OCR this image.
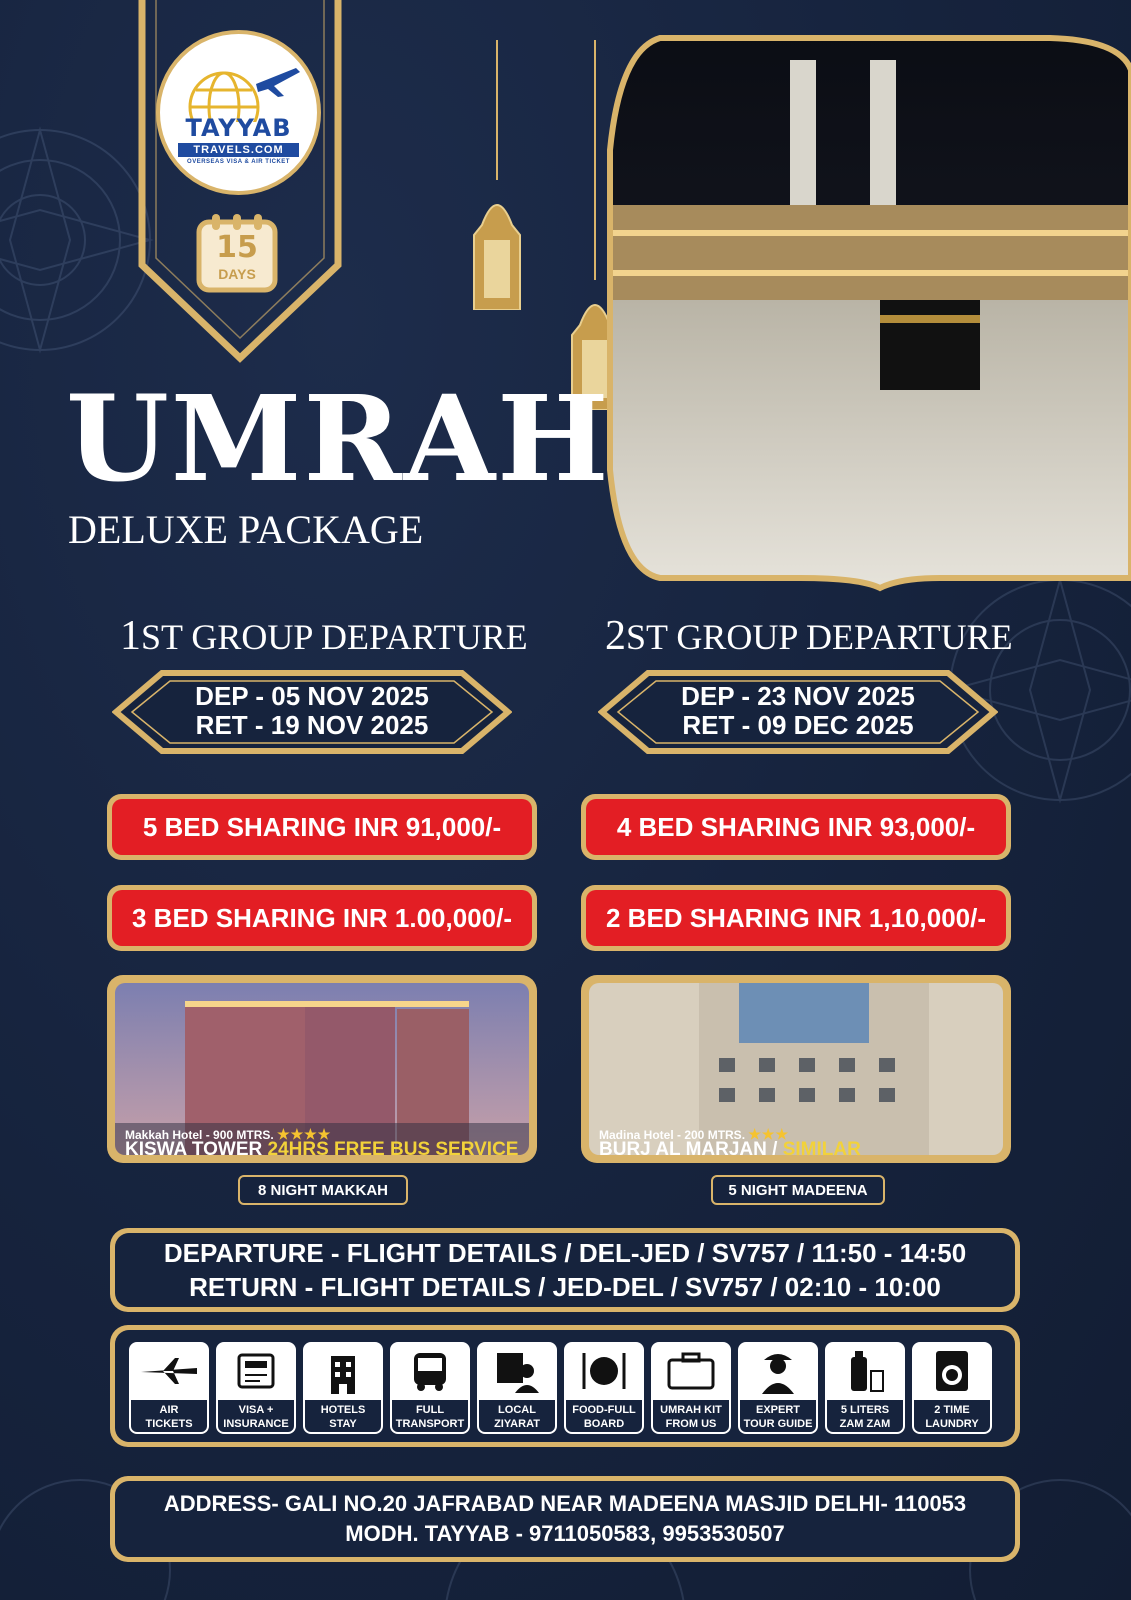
TAYYAB
TRAVELS.COM
OVERSEAS VISA & AIR TICKET
15
DAYS
UMRAH
DELUXE PACKAGE
1ST GROUP DEPARTURE 2ST GROUP DEPARTURE
DEP - 05 NOV 2025
RET - 19 NOV 2025
DEP - 23 NOV 2025
RET - 09 DEC 2025
5 BED SHARING INR 91,000/-
3 BED SHARING INR 1.00,000/-
4 BED SHARING INR 93,000/-
2 BED SHARING INR 1,10,000/-
Makkah Hotel - 900 MTRS. ★★★★
KISWA TOWER 24HRS FREE BUS SERVICE
Madina Hotel - 200 MTRS. ★★★
BURJ AL MARJAN / SIMILAR
8 NIGHT MAKKAH	5 NIGHT MADEENA
DEPARTURE - FLIGHT DETAILS / DEL-JED / SV757 / 11:50 - 14:50
RETURN - FLIGHT DETAILS / JED-DEL / SV757 / 02:10 - 10:00
AIR
TICKETS
VISA +
INSURANCE
HOTELS
STAY
FULL
TRANSPORT
LOCAL
ZIYARAT
FOOD-FULL
BOARD
UMRAH KIT
FROM US
EXPERT
TOUR GUIDE
5 LITERS
ZAM ZAM
2 TIME
LAUNDRY
ADDRESS- GALI NO.20 JAFRABAD NEAR MADEENA MASJID DELHI- 110053
MODH. TAYYAB - 9711050583, 9953530507
